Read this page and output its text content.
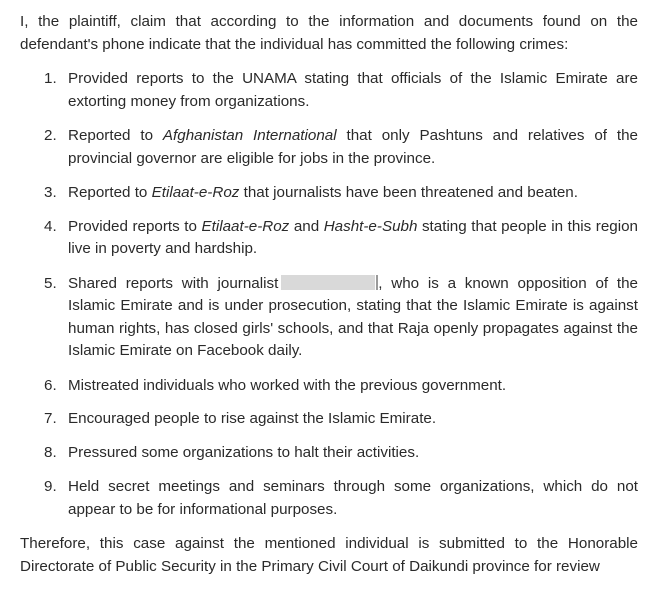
I, the plaintiff, claim that according to the information and documents found on the defendant's phone indicate that the individual has committed the following crimes:

1. Provided reports to the UNAMA stating that officials of the Islamic Emirate are extorting money from organizations.
2. Reported to Afghanistan International that only Pashtuns and relatives of the provincial governor are eligible for jobs in the province.
3. Reported to Etilaat-e-Roz that journalists have been threatened and beaten.
4. Provided reports to Etilaat-e-Roz and Hasht-e-Subh stating that people in this region live in poverty and hardship.
5. Shared reports with journalist	, who is a known opposition of the Islamic Emirate and is under prosecution, stating that the Islamic Emirate is against human rights, has closed girls' schools, and that Raja openly propagates against the Islamic Emirate on Facebook daily.
6. Mistreated individuals who worked with the previous government.
7. Encouraged people to rise against the Islamic Emirate.
8. Pressured some organizations to halt their activities.
9. Held secret meetings and seminars through some organizations, which do not appear to be for informational purposes.

Therefore, this case against the mentioned individual is submitted to the Honorable Directorate of Public Security in the Primary Civil Court of Daikundi province for review
